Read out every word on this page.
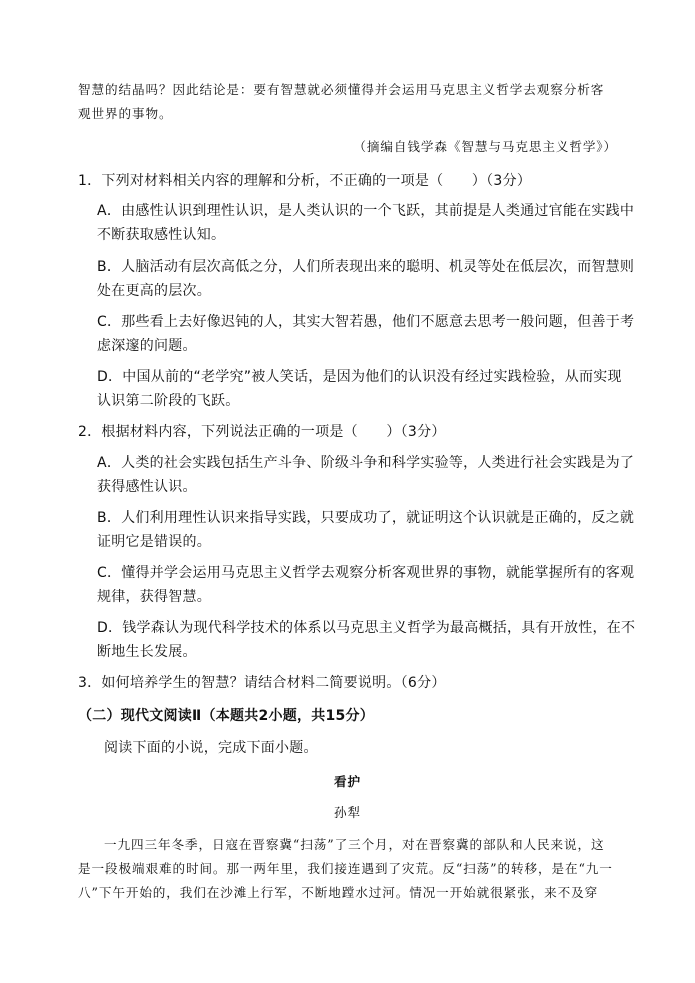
智慧的结晶吗？因此结论是：要有智慧就必须懂得并会运用马克思主义哲学去观察分析客
观世界的事物。
（摘编自钱学森《智慧与马克思主义哲学》）
1．下列对材料相关内容的理解和分析，不正确的一项是（　　）（3分）
A．由感性认识到理性认识，是人类认识的一个飞跃，其前提是人类通过官能在实践中
不断获取感性认知。
B．人脑活动有层次高低之分，人们所表现出来的聪明、机灵等处在低层次，而智慧则
处在更高的层次。
C．那些看上去好像迟钝的人，其实大智若愚，他们不愿意去思考一般问题，但善于考
虑深邃的问题。
D．中国从前的“老学究”被人笑话，是因为他们的认识没有经过实践检验，从而实现
认识第二阶段的飞跃。
2．根据材料内容，下列说法正确的一项是（　　）（3分）
A．人类的社会实践包括生产斗争、阶级斗争和科学实验等，人类进行社会实践是为了
获得感性认识。
B．人们利用理性认识来指导实践，只要成功了，就证明这个认识就是正确的，反之就
证明它是错误的。
C．懂得并学会运用马克思主义哲学去观察分析客观世界的事物，就能掌握所有的客观
规律，获得智慧。
D．钱学森认为现代科学技术的体系以马克思主义哲学为最高概括，具有开放性，在不
断地生长发展。
3．如何培养学生的智慧？请结合材料二简要说明。（6分）
（二）现代文阅读Ⅱ（本题共2小题，共15分）
阅读下面的小说，完成下面小题。
看护
孙犁
一九四三年冬季，日寇在晋察冀“扫荡”了三个月，对在晋察冀的部队和人民来说，这
是一段极端艰难的时间。那一两年里，我们接连遇到了灾荒。反“扫荡”的转移，是在“九一
八”下午开始的，我们在沙滩上行军，不断地蹚水过河。情况一开始就很紧张，来不及穿
